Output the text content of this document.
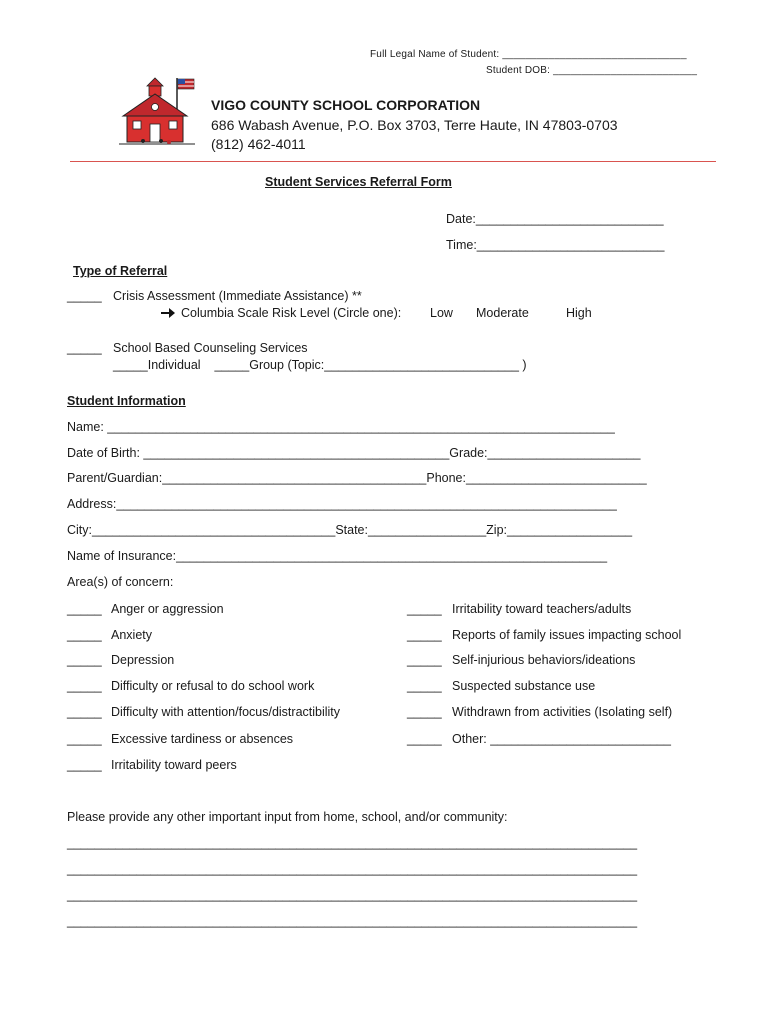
Full Legal Name of Student: ________________________________
Student DOB: _________________________
VIGO COUNTY SCHOOL CORPORATION
686 Wabash Avenue, P.O. Box 3703, Terre Haute, IN 47803-0703
(812) 462-4011
Student Services Referral Form
Date:___________________________
Time:___________________________
Type of Referral
_____ Crisis Assessment (Immediate Assistance) **
Columbia Scale Risk Level (Circle one): Low Moderate	High
_____ School Based Counseling Services
_____Individual    _____Group (Topic:____________________________ )
Student Information
Name: _________________________________________________________________________
Date of Birth: ____________________________________________Grade:______________________
Parent/Guardian:______________________________________Phone:__________________________
Address:________________________________________________________________________
City:___________________________________State:_________________Zip:__________________
Name of Insurance:______________________________________________________________
Area(s) of concern:
_____ Anger or aggression
_____ Anxiety
_____ Depression
_____ Difficulty or refusal to do school work
_____ Difficulty with attention/focus/distractibility
_____ Excessive tardiness or absences
_____ Irritability toward peers
_____ Irritability toward teachers/adults
_____ Reports of family issues impacting school
_____ Self-injurious behaviors/ideations
_____ Suspected substance use
_____ Withdrawn from activities (Isolating self)
_____ Other: __________________________
Please provide any other important input from home, school, and/or community:
__________________________________________________________________________________
__________________________________________________________________________________
__________________________________________________________________________________
__________________________________________________________________________________
